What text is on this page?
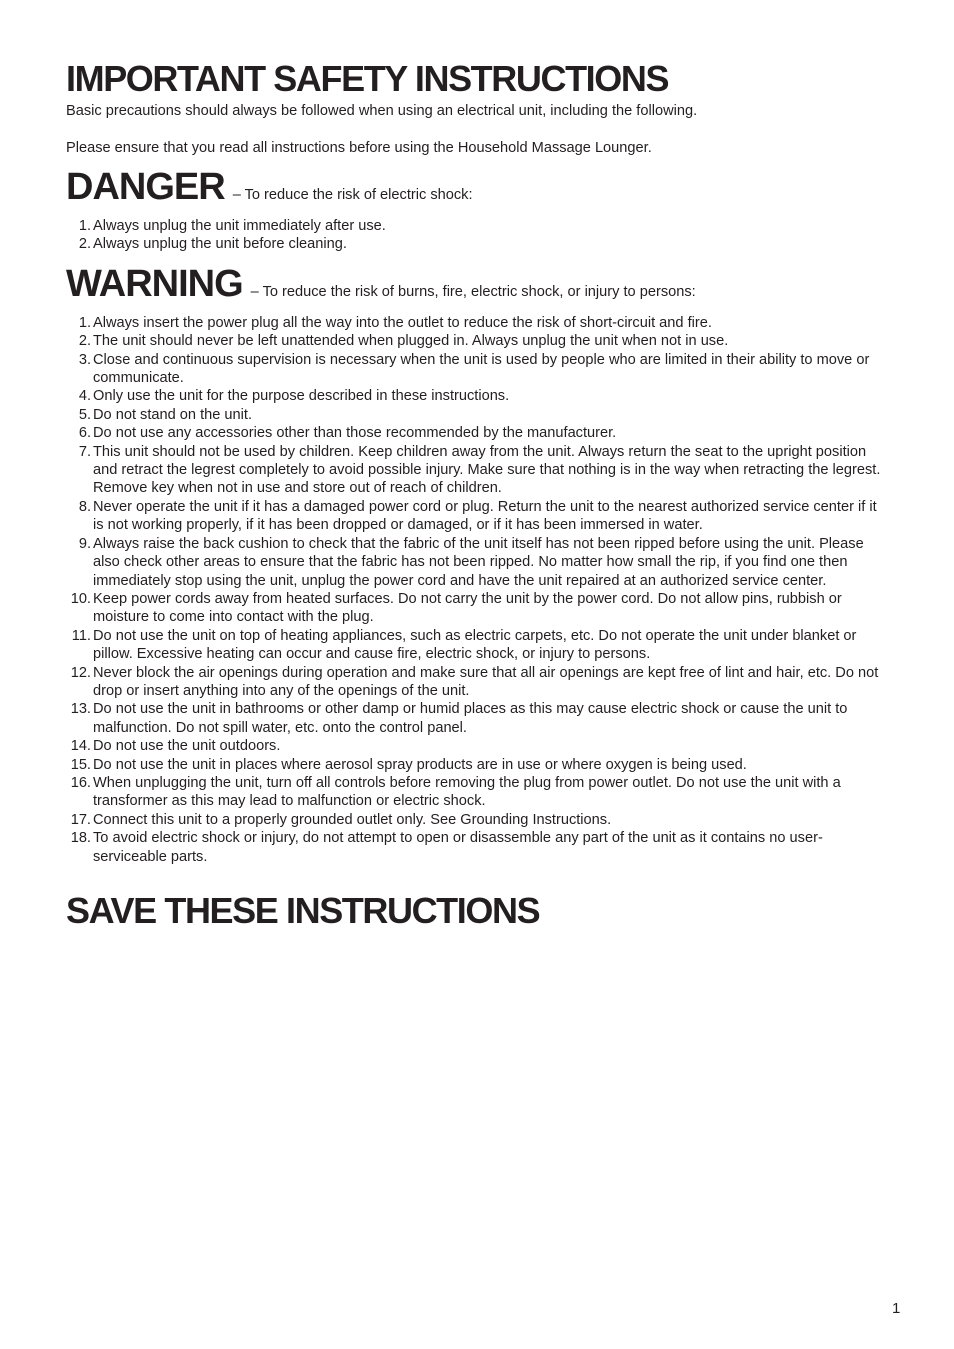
IMPORTANT SAFETY INSTRUCTIONS

Basic precautions should always be followed when using an electrical unit, including the following.

Please ensure that you read all instructions before using the Household Massage Lounger.

DANGER – To reduce the risk of electric shock:
1. Always unplug the unit immediately after use.
2. Always unplug the unit before cleaning.
WARNING – To reduce the risk of burns, fire, electric shock, or injury to persons:
1. Always insert the power plug all the way into the outlet to reduce the risk of short-circuit and fire.
2. The unit should never be left unattended when plugged in. Always unplug the unit when not in use.
3. Close and continuous supervision is necessary when the unit is used by people who are limited in their ability to move or communicate.
4. Only use the unit for the purpose described in these instructions.
5. Do not stand on the unit.
6. Do not use any accessories other than those recommended by the manufacturer.
7. This unit should not be used by children. Keep children away from the unit. Always return the seat to the upright position and retract the legrest completely to avoid possible injury. Make sure that nothing is in the way when retracting the legrest. Remove key when not in use and store out of reach of children.
8. Never operate the unit if it has a damaged power cord or plug. Return the unit to the nearest authorized service center if it is not working properly, if it has been dropped or damaged, or if it has been immersed in water.
9. Always raise the back cushion to check that the fabric of the unit itself has not been ripped before using the unit. Please also check other areas to ensure that the fabric has not been ripped. No matter how small the rip, if you find one then immediately stop using the unit, unplug the power cord and have the unit repaired at an authorized service center.
10. Keep power cords away from heated surfaces. Do not carry the unit by the power cord. Do not allow pins, rubbish or moisture to come into contact with the plug.
11. Do not use the unit on top of heating appliances, such as electric carpets, etc. Do not operate the unit under blanket or pillow. Excessive heating can occur and cause fire, electric shock, or injury to persons.
12. Never block the air openings during operation and make sure that all air openings are kept free of lint and hair, etc. Do not drop or insert anything into any of the openings of the unit.
13. Do not use the unit in bathrooms or other damp or humid places as this may cause electric shock or cause the unit to malfunction. Do not spill water, etc. onto the control panel.
14. Do not use the unit outdoors.
15. Do not use the unit in places where aerosol spray products are in use or where oxygen is being used.
16. When unplugging the unit, turn off all controls before removing the plug from power outlet. Do not use the unit with a transformer as this may lead to malfunction or electric shock.
17. Connect this unit to a properly grounded outlet only. See Grounding Instructions.
18. To avoid electric shock or injury, do not attempt to open or disassemble any part of the unit as it contains no user-serviceable parts.
SAVE THESE INSTRUCTIONS
1
